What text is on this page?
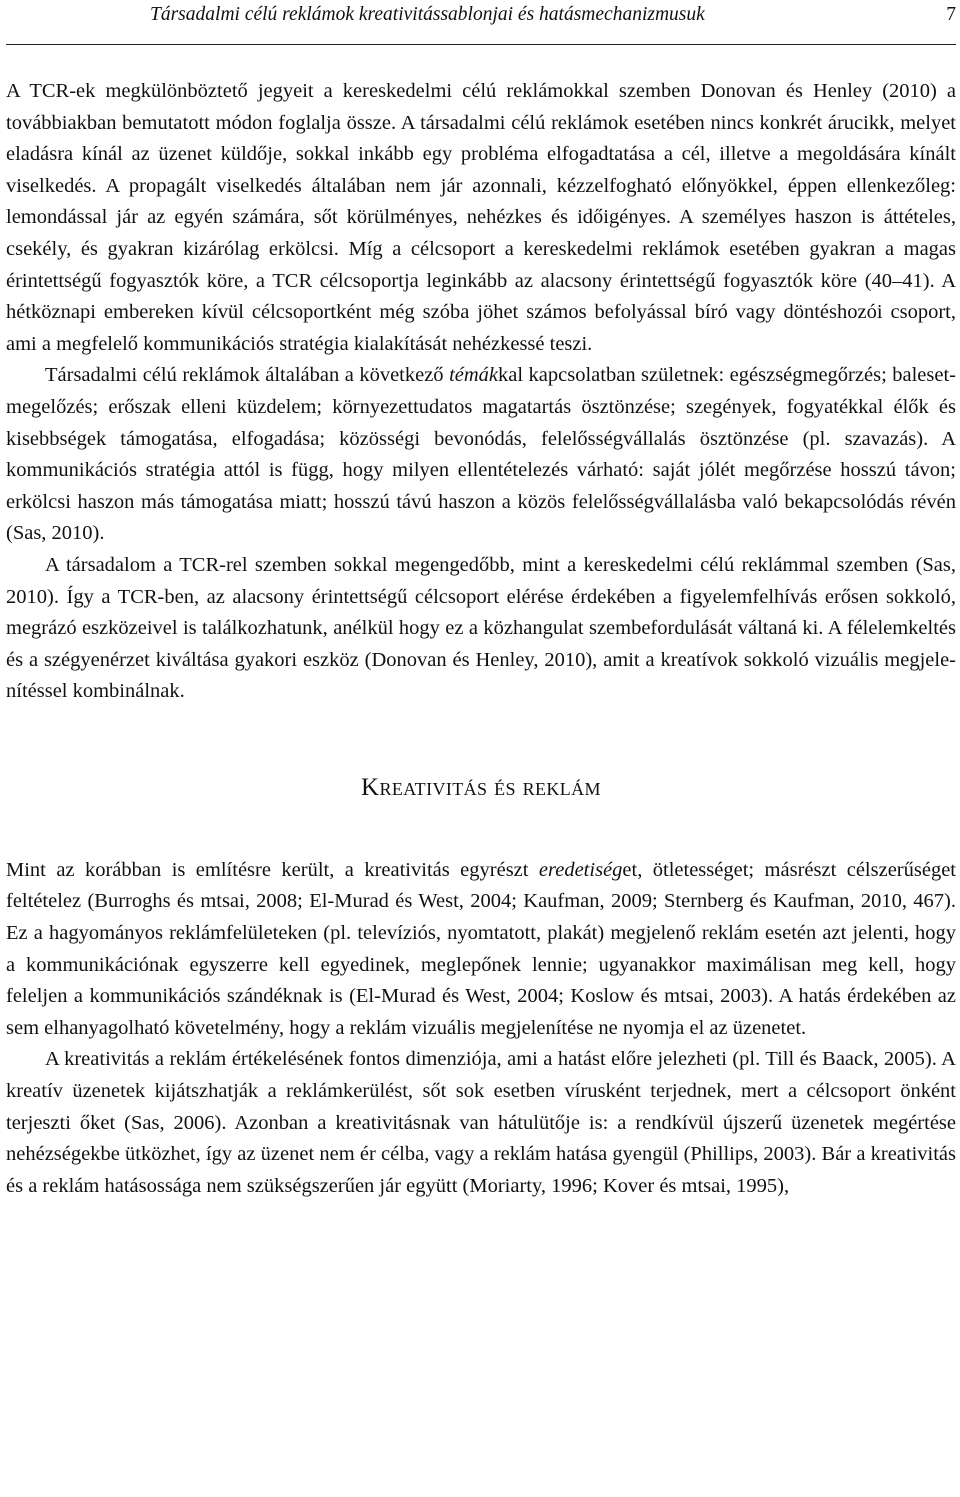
Társadalmi célú reklámok kreativitássablonjai és hatásmechanizmusuk	7

A TCR-ek megkülönböztető jegyeit a kereskedelmi célú reklámokkal szemben Donovan és Henley (2010) a továbbiakban bemutatott módon foglalja össze. A társadalmi célú reklámok esetében nincs konkrét árucikk, melyet eladásra kínál az üzenet küldője, sokkal inkább egy probléma elfogadtatása a cél, illetve a megoldására kínált viselkedés. A propagált viselkedés általában nem jár azonnali, kézzelfogható előnyökkel, éppen ellenkezőleg: lemondással jár az egyén számára, sőt körülményes, nehézkes és időigényes. A személyes haszon is áttételes, csekély, és gyakran kizárólag erkölcsi. Míg a célcsoport a kereskedelmi reklámok esetében gyakran a magas érintettségű fogyasztók köre, a TCR célcsoportja leginkább az alacsony érintettségű fogyasztók köre (40–41). A hétköznapi embereken kívül célcsoportként még szóba jöhet számos befolyással bíró vagy döntéshozói csoport, ami a megfelelő kommunikációs stratégia kialakítását nehézkessé teszi.

Társadalmi célú reklámok általában a következő témákkal kapcsolatban születnek: egészségmegőrzés; baleset-megelőzés; erőszak elleni küzdelem; környezettudatos magatartás ösztönzése; szegények, fogyatékkal élők és kisebbségek támogatása, elfogadása; közösségi bevonódás, felelősségvállalás ösztönzése (pl. szavazás). A kommunikációs stratégia attól is függ, hogy milyen ellentételezés várható: saját jólét megőrzése hosszú távon; erkölcsi haszon más támogatása miatt; hosszú távú haszon a közös felelősségvállalásba való bekapcsolódás révén (Sas, 2010).

A társadalom a TCR-rel szemben sokkal megengedőbb, mint a kereskedelmi célú reklámmal szemben (Sas, 2010). Így a TCR-ben, az alacsony érintettségű célcsoport elérése érdekében a figyelemfelhívás erősen sokkoló, megrázó eszközeivel is találkozhatunk, anélkül hogy ez a közhangulat szembefordulását váltaná ki. A félelemkeltés és a szégyenérzet kiváltása gyakori eszköz (Donovan és Henley, 2010), amit a kreatívok sokkoló vizuális megjelenítéssel kombinálnak.

Kreativitás és reklám

Mint az korábban is említésre került, a kreativitás egyrészt eredetiséget, ötletességet; másrészt célszerűséget feltételez (Burroghs és mtsai, 2008; El-Murad és West, 2004; Kaufman, 2009; Sternberg és Kaufman, 2010, 467). Ez a hagyományos reklámfelületeken (pl. televíziós, nyomtatott, plakát) megjelenő reklám esetén azt jelenti, hogy a kommunikációnak egyszerre kell egyedinek, meglepőnek lennie; ugyanakkor maximálisan meg kell, hogy feleljen a kommunikációs szándéknak is (El-Murad és West, 2004; Koslow és mtsai, 2003). A hatás érdekében az sem elhanyagolható követelmény, hogy a reklám vizuális megjelenítése ne nyomja el az üzenetet.

A kreativitás a reklám értékelésének fontos dimenziója, ami a hatást előre jelezheti (pl. Till és Baack, 2005). A kreatív üzenetek kijátszhatják a reklámkerülést, sőt sok esetben vírusként terjednek, mert a célcsoport önként terjeszti őket (Sas, 2006). Azonban a kreativitásnak van hátulütője is: a rendkívül újszerű üzenetek megértése nehézségekbe ütközhet, így az üzenet nem ér célba, vagy a reklám hatása gyengül (Phillips, 2003). Bár a kreativitás és a reklám hatásossága nem szükségszerűen jár együtt (Moriarty, 1996; Kover és mtsai, 1995),
